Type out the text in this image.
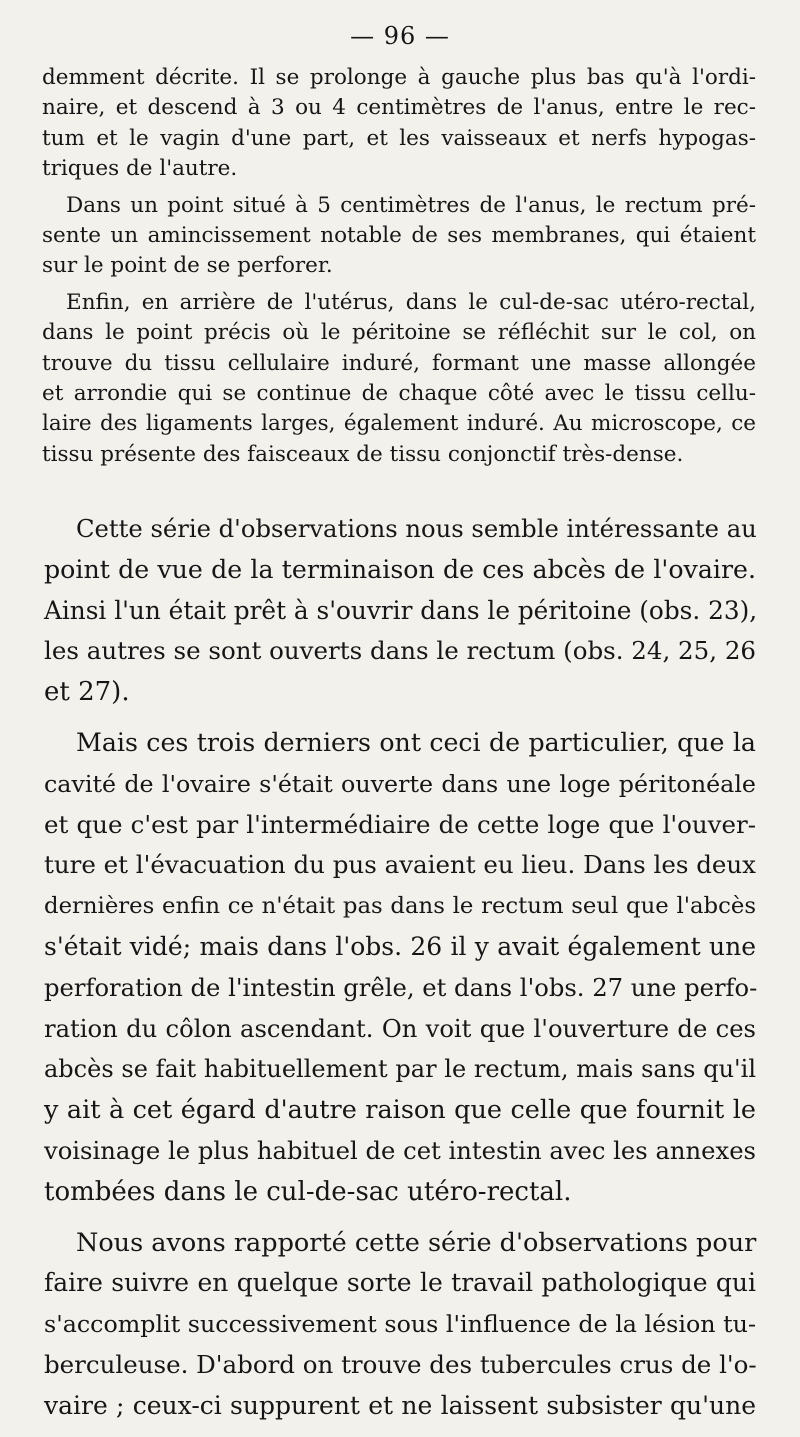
— 96 —

demment décrite. Il se prolonge à gauche plus bas qu'à l'ordi-
naire, et descend à 3 ou 4 centimètres de l'anus, entre le rec-
tum et le vagin d'une part, et les vaisseaux et nerfs hypogas-
triques de l'autre.

Dans un point situé à 5 centimètres de l'anus, le rectum pré-
sente un amincissement notable de ses membranes, qui étaient
sur le point de se perforer.

Enfin, en arrière de l'utérus, dans le cul-de-sac utéro-rectal,
dans le point précis où le péritoine se réfléchit sur le col, on
trouve du tissu cellulaire induré, formant une masse allongée
et arrondie qui se continue de chaque côté avec le tissu cellu-
laire des ligaments larges, également induré. Au microscope, ce
tissu présente des faisceaux de tissu conjonctif très-dense.

Cette série d'observations nous semble intéressante au
point de vue de la terminaison de ces abcès de l'ovaire.
Ainsi l'un était prêt à s'ouvrir dans le péritoine (obs. 23),
les autres se sont ouverts dans le rectum (obs. 24, 25, 26
et 27).

Mais ces trois derniers ont ceci de particulier, que la
cavité de l'ovaire s'était ouverte dans une loge péritonéale
et que c'est par l'intermédiaire de cette loge que l'ouver-
ture et l'évacuation du pus avaient eu lieu. Dans les deux
dernières enfin ce n'était pas dans le rectum seul que l'abcès
s'était vidé; mais dans l'obs. 26 il y avait également une
perforation de l'intestin grêle, et dans l'obs. 27 une perfo-
ration du côlon ascendant. On voit que l'ouverture de ces
abcès se fait habituellement par le rectum, mais sans qu'il
y ait à cet égard d'autre raison que celle que fournit le
voisinage le plus habituel de cet intestin avec les annexes
tombées dans le cul-de-sac utéro-rectal.

Nous avons rapporté cette série d'observations pour
faire suivre en quelque sorte le travail pathologique qui
s'accomplit successivement sous l'influence de la lésion tu-
berculeuse. D'abord on trouve des tubercules crus de l'o-
vaire ; ceux-ci suppurent et ne laissent subsister qu'une
